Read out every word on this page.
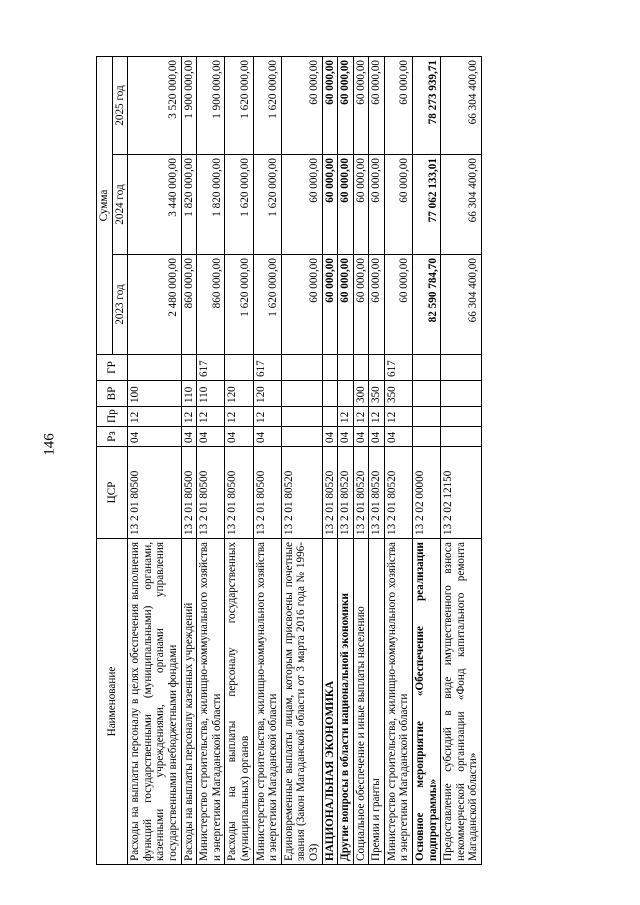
146
Наименование	ЦСР	Рз	Пр	ВР	ГР	Сумма		
						2023 год	2024 год	2025 год
Расходы на выплаты персоналу в целях обеспечения выполнения функций государственными (муниципальными) органами, казенными учреждениями, органами управления государственными внебюджетными фондами	13 2 01 80500	04	12	100		2 480 000,00	3 440 000,00	3 520 000,00
Расходы на выплаты персоналу казенных учреждений	13 2 01 80500	04	12	110		860 000,00	1 820 000,00	1 900 000,00
Министерство строительства, жилищно-коммунального хозяйства и энергетики Магаданской области	13 2 01 80500	04	12	110	617	860 000,00	1 820 000,00	1 900 000,00
Расходы на выплаты персоналу государственных (муниципальных) органов	13 2 01 80500	04	12	120		1 620 000,00	1 620 000,00	1 620 000,00
Министерство строительства, жилищно-коммунального хозяйства и энергетики Магаданской области	13 2 01 80500	04	12	120	617	1 620 000,00	1 620 000,00	1 620 000,00
Единовременные выплаты лицам, которым присвоены почетные звания (Закон Магаданской области от 3 марта 2016 года № 1996-ОЗ)	13 2 01 80520					60 000,00	60 000,00	60 000,00
НАЦИОНАЛЬНАЯ ЭКОНОМИКА	13 2 01 80520	04				60 000,00	60 000,00	60 000,00
Другие вопросы в области национальной экономики	13 2 01 80520	04	12			60 000,00	60 000,00	60 000,00
Социальное обеспечение и иные выплаты населению	13 2 01 80520	04	12	300		60 000,00	60 000,00	60 000,00
Премии и гранты	13 2 01 80520	04	12	350		60 000,00	60 000,00	60 000,00
Министерство строительства, жилищно-коммунального хозяйства и энергетики Магаданской области	13 2 01 80520	04	12	350	617	60 000,00	60 000,00	60 000,00
Основное мероприятие «Обеспечение реализации подпрограммы»	13 2 02 00000					82 590 784,70	77 062 133,01	78 273 939,71
Предоставление субсидий в виде имущественного взноса некоммерческой организации «Фонд капитального ремонта Магаданской области»	13 2 02 12150					66 304 400,00	66 304 400,00	66 304 400,00
